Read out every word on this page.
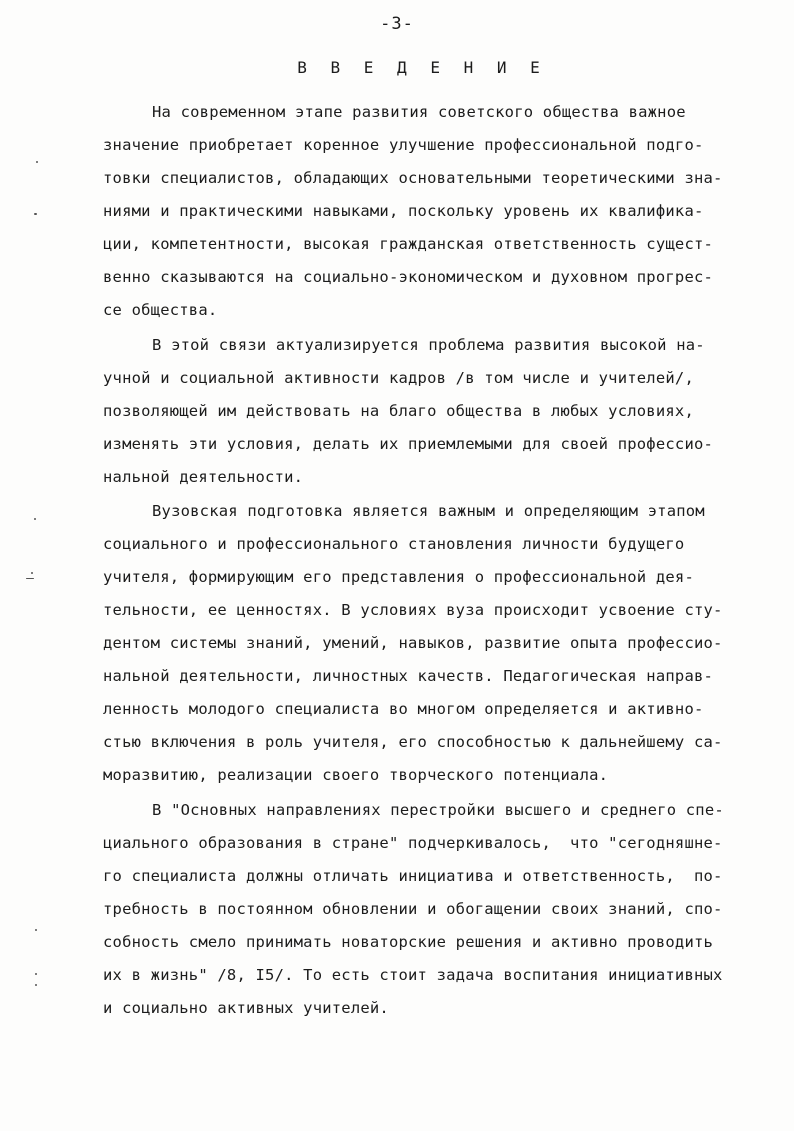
-3-
В В Е Д Е Н И Е
На современном этапе развития советского общества важное
значение приобретает коренное улучшение профессиональной подго-
товки специалистов, обладающих основательными теоретическими зна-
ниями и практическими навыками, поскольку уровень их квалифика-
ции, компетентности, высокая гражданская ответственность сущест-
венно сказываются на социально-экономическом и духовном прогрес-
се общества.
В этой связи актуализируется проблема развития высокой на-
учной и социальной активности кадров /в том числе и учителей/,
позволяющей им действовать на благо общества в любых условиях,
изменять эти условия, делать их приемлемыми для своей профессио-
нальной деятельности.
Вузовская подготовка является важным и определяющим этапом
социального и профессионального становления личности будущего
учителя, формирующим его представления о профессиональной дея-
тельности, ее ценностях. В условиях вуза происходит усвоение сту-
дентом системы знаний, умений, навыков, развитие опыта профессио-
нальной деятельности, личностных качеств. Педагогическая направ-
ленность молодого специалиста во многом определяется и активно-
стью включения в роль учителя, его способностью к дальнейшему са-
моразвитию, реализации своего творческого потенциала.
В "Основных направлениях перестройки высшего и среднего спе-
циального образования в стране" подчеркивалось,  что "сегодняшне-
го специалиста должны отличать инициатива и ответственность,  по-
требность в постоянном обновлении и обогащении своих знаний, спо-
собность смело принимать новаторские решения и активно проводить
их в жизнь" /8, I5/. То есть стоит задача воспитания инициативных
и социально активных учителей.
